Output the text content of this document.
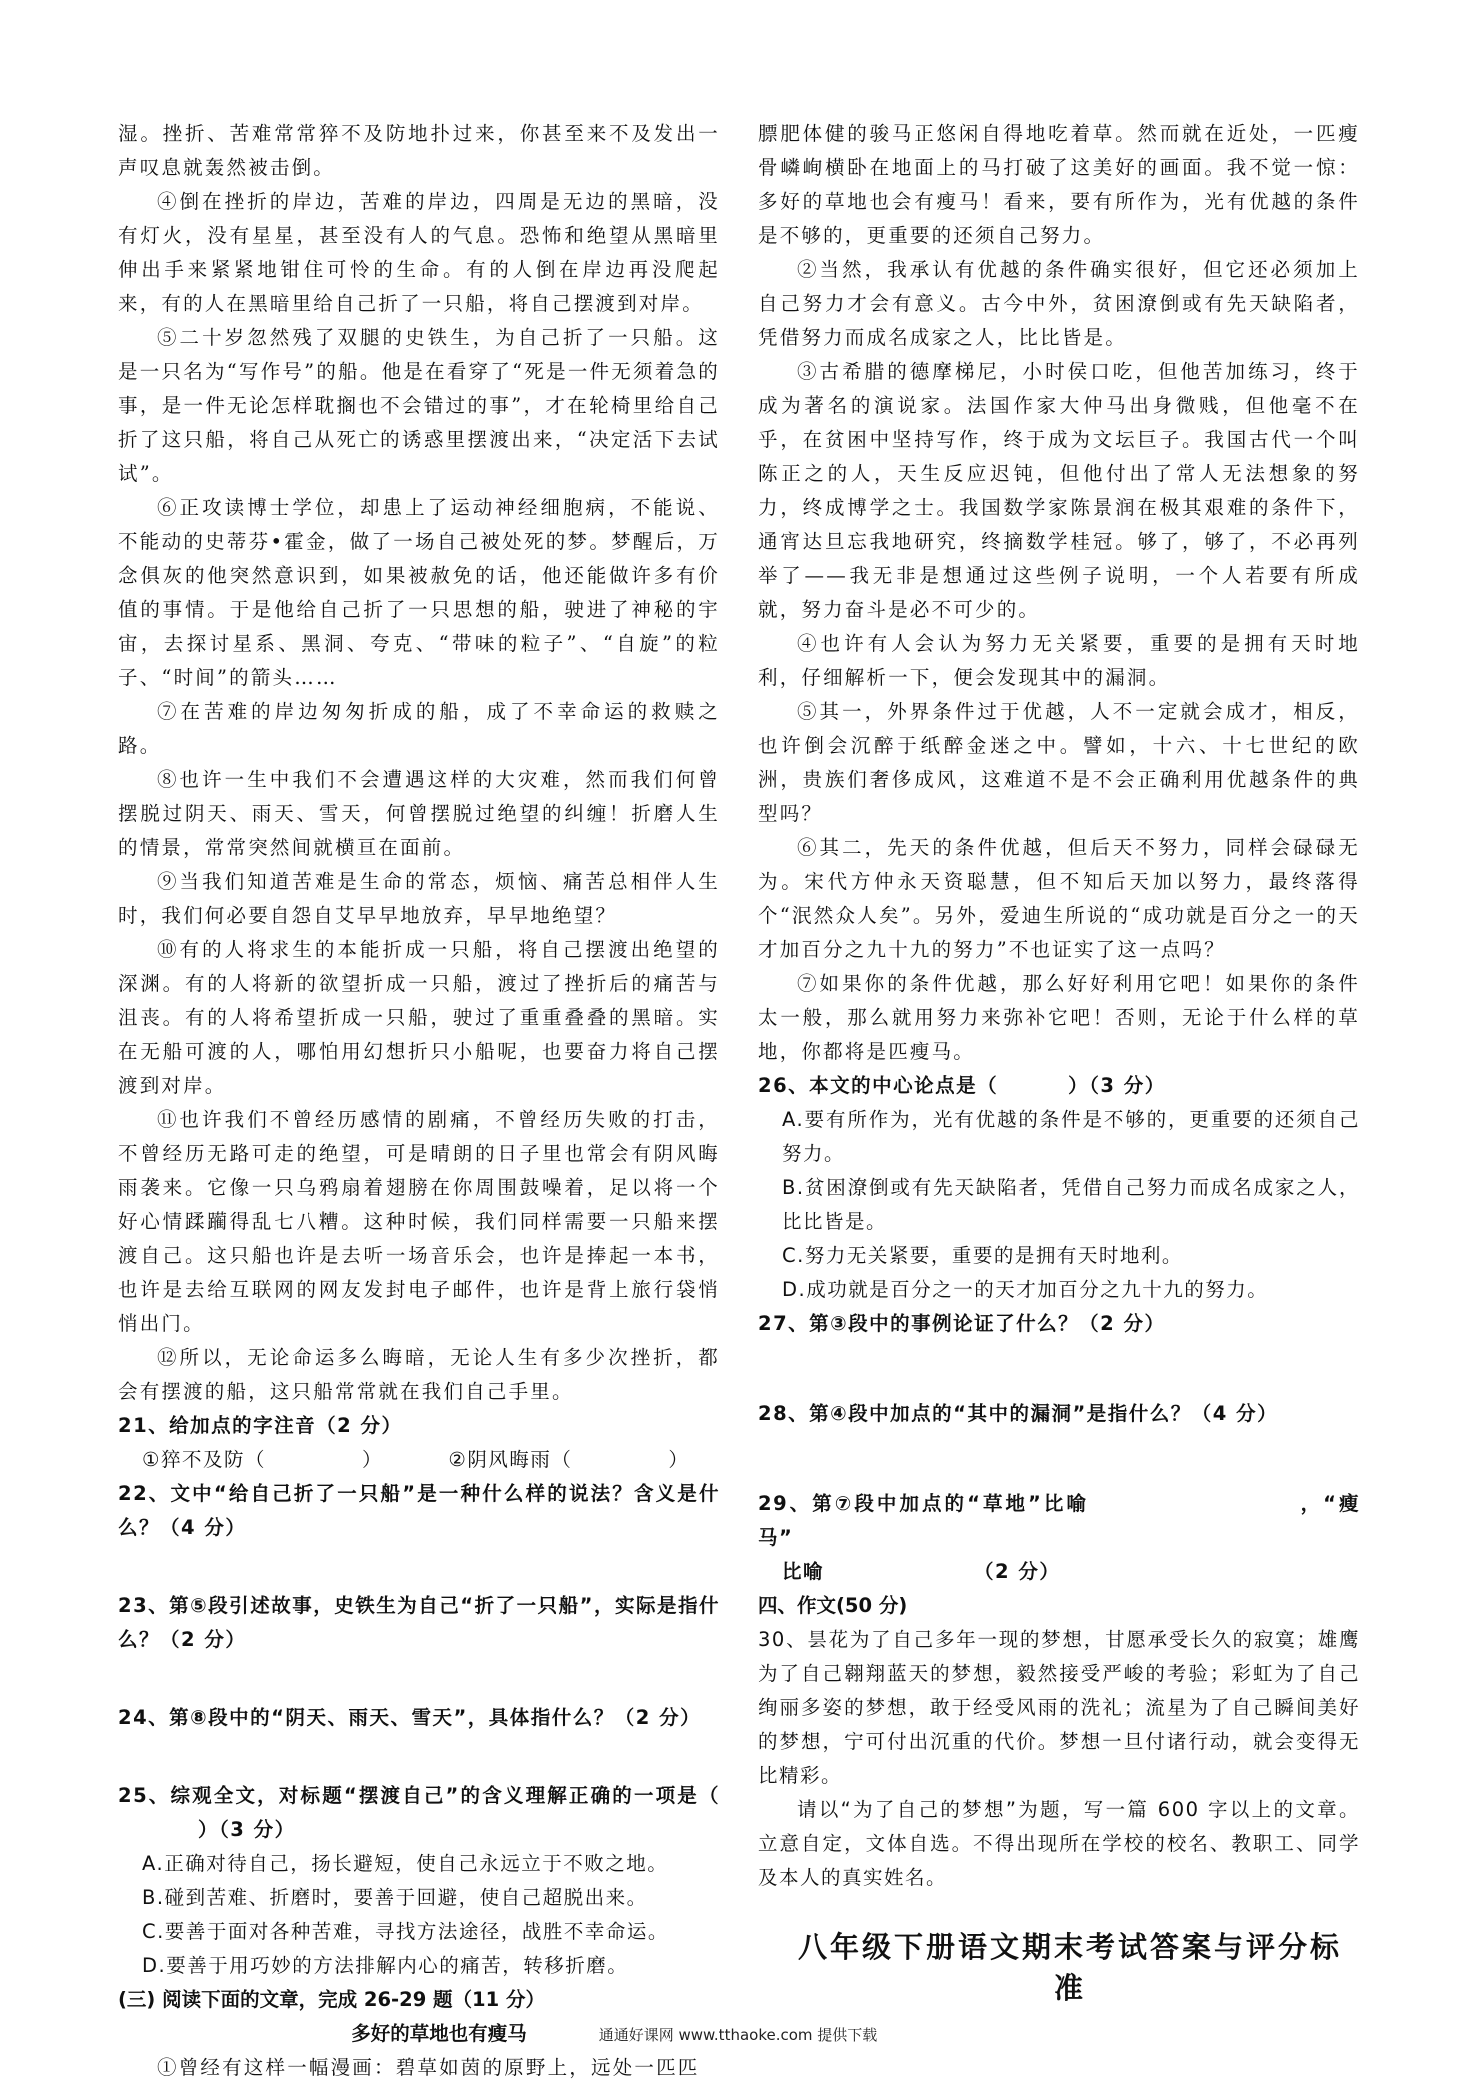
湿。挫折、苦难常常猝不及防地扑过来，你甚至来不及发出一声叹息就轰然被击倒。

④倒在挫折的岸边，苦难的岸边，四周是无边的黑暗，没有灯火，没有星星，甚至没有人的气息。恐怖和绝望从黑暗里伸出手来紧紧地钳住可怜的生命。有的人倒在岸边再没爬起来，有的人在黑暗里给自己折了一只船，将自己摆渡到对岸。

⑤二十岁忽然残了双腿的史铁生，为自己折了一只船。这是一只名为“写作号”的船。他是在看穿了“死是一件无须着急的事，是一件无论怎样耽搁也不会错过的事”，才在轮椅里给自己折了这只船，将自己从死亡的诱惑里摆渡出来，“决定活下去试试”。

⑥正攻读博士学位，却患上了运动神经细胞病，不能说、不能动的史蒂芬•霍金，做了一场自己被处死的梦。梦醒后，万念俱灰的他突然意识到，如果被赦免的话，他还能做许多有价值的事情。于是他给自己折了一只思想的船，驶进了神秘的宇宙，去探讨星系、黑洞、夸克、“带味的粒子”、“自旋”的粒子、“时间”的箭头……

⑦在苦难的岸边匆匆折成的船，成了不幸命运的救赎之路。

⑧也许一生中我们不会遭遇这样的大灾难，然而我们何曾摆脱过阴天、雨天、雪天，何曾摆脱过绝望的纠缠！折磨人生的情景，常常突然间就横亘在面前。

⑨当我们知道苦难是生命的常态，烦恼、痛苦总相伴人生时，我们何必要自怨自艾早早地放弃，早早地绝望？

⑩有的人将求生的本能折成一只船，将自己摆渡出绝望的深渊。有的人将新的欲望折成一只船，渡过了挫折后的痛苦与沮丧。有的人将希望折成一只船，驶过了重重叠叠的黑暗。实在无船可渡的人，哪怕用幻想折只小船呢，也要奋力将自己摆渡到对岸。

⑪也许我们不曾经历感情的剧痛，不曾经历失败的打击，不曾经历无路可走的绝望，可是晴朗的日子里也常会有阴风晦雨袭来。它像一只乌鸦扇着翅膀在你周围鼓噪着，足以将一个好心情蹂躏得乱七八糟。这种时候，我们同样需要一只船来摆渡自己。这只船也许是去听一场音乐会，也许是捧起一本书，也许是去给互联网的网友发封电子邮件，也许是背上旅行袋悄悄出门。

⑫所以，无论命运多么晦暗，无论人生有多少次挫折，都会有摆渡的船，这只船常常就在我们自己手里。

21、给加点的字注音（2 分）

①猝不及防（	）	②阴风晦雨（	）

22、文中“给自己折了一只船”是一种什么样的说法？含义是什么？（4 分）

23、第⑤段引述故事，史铁生为自己“折了一只船”，实际是指什么？（2 分）

24、第⑧段中的“阴天、雨天、雪天”，具体指什么？（2 分）

25、综观全文，对标题“摆渡自己”的含义理解正确的一项是（）（3 分）

A.正确对待自己，扬长避短，使自己永远立于不败之地。

B.碰到苦难、折磨时，要善于回避，使自己超脱出来。

C.要善于面对各种苦难，寻找方法途径，战胜不幸命运。

D.要善于用巧妙的方法排解内心的痛苦，转移折磨。

(三) 阅读下面的文章，完成 26-29 题（11 分）

多好的草地也有瘦马

①曾经有这样一幅漫画：碧草如茵的原野上，远处一匹匹

膘肥体健的骏马正悠闲自得地吃着草。然而就在近处，一匹瘦骨嶙峋横卧在地面上的马打破了这美好的画面。我不觉一惊：多好的草地也会有瘦马！看来，要有所作为，光有优越的条件是不够的，更重要的还须自己努力。

②当然，我承认有优越的条件确实很好，但它还必须加上自己努力才会有意义。古今中外，贫困潦倒或有先天缺陷者，凭借努力而成名成家之人，比比皆是。

③古希腊的德摩梯尼，小时侯口吃，但他苦加练习，终于成为著名的演说家。法国作家大仲马出身微贱，但他毫不在乎，在贫困中坚持写作，终于成为文坛巨子。我国古代一个叫陈正之的人，天生反应迟钝，但他付出了常人无法想象的努力，终成博学之士。我国数学家陈景润在极其艰难的条件下，通宵达旦忘我地研究，终摘数学桂冠。够了，够了，不必再列举了——我无非是想通过这些例子说明，一个人若要有所成就，努力奋斗是必不可少的。

④也许有人会认为努力无关紧要，重要的是拥有天时地利，仔细解析一下，便会发现其中的漏洞。

⑤其一，外界条件过于优越，人不一定就会成才，相反，也许倒会沉醉于纸醉金迷之中。譬如，十六、十七世纪的欧洲，贵族们奢侈成风，这难道不是不会正确利用优越条件的典型吗？

⑥其二，先天的条件优越，但后天不努力，同样会碌碌无为。宋代方仲永天资聪慧，但不知后天加以努力，最终落得个“泯然众人矣”。另外，爱迪生所说的“成功就是百分之一的天才加百分之九十九的努力”不也证实了这一点吗？

⑦如果你的条件优越，那么好好利用它吧！如果你的条件太一般，那么就用努力来弥补它吧！否则，无论于什么样的草地，你都将是匹瘦马。

26、本文的中心论点是（	）（3 分）

A.要有所作为，光有优越的条件是不够的，更重要的还须自己努力。

B.贫困潦倒或有先天缺陷者，凭借自己努力而成名成家之人，比比皆是。

C.努力无关紧要，重要的是拥有天时地利。

D.成功就是百分之一的天才加百分之九十九的努力。

27、第③段中的事例论证了什么？（2 分）

28、第④段中加点的“其中的漏洞”是指什么？（4 分）

29、第⑦段中加点的“草地”比喻	，“瘦马”

比喻	（2 分）

四、作文(50 分)

30、昙花为了自己多年一现的梦想，甘愿承受长久的寂寞；雄鹰为了自己翱翔蓝天的梦想，毅然接受严峻的考验；彩虹为了自己绚丽多姿的梦想，敢于经受风雨的洗礼；流星为了自己瞬间美好的梦想，宁可付出沉重的代价。梦想一旦付诸行动，就会变得无比精彩。

请以“为了自己的梦想”为题，写一篇 600 字以上的文章。立意自定，文体自选。不得出现所在学校的校名、教职工、同学及本人的真实姓名。

八年级下册语文期末考试答案与评分标准

通通好课网 www.tthaoke.com 提供下载
